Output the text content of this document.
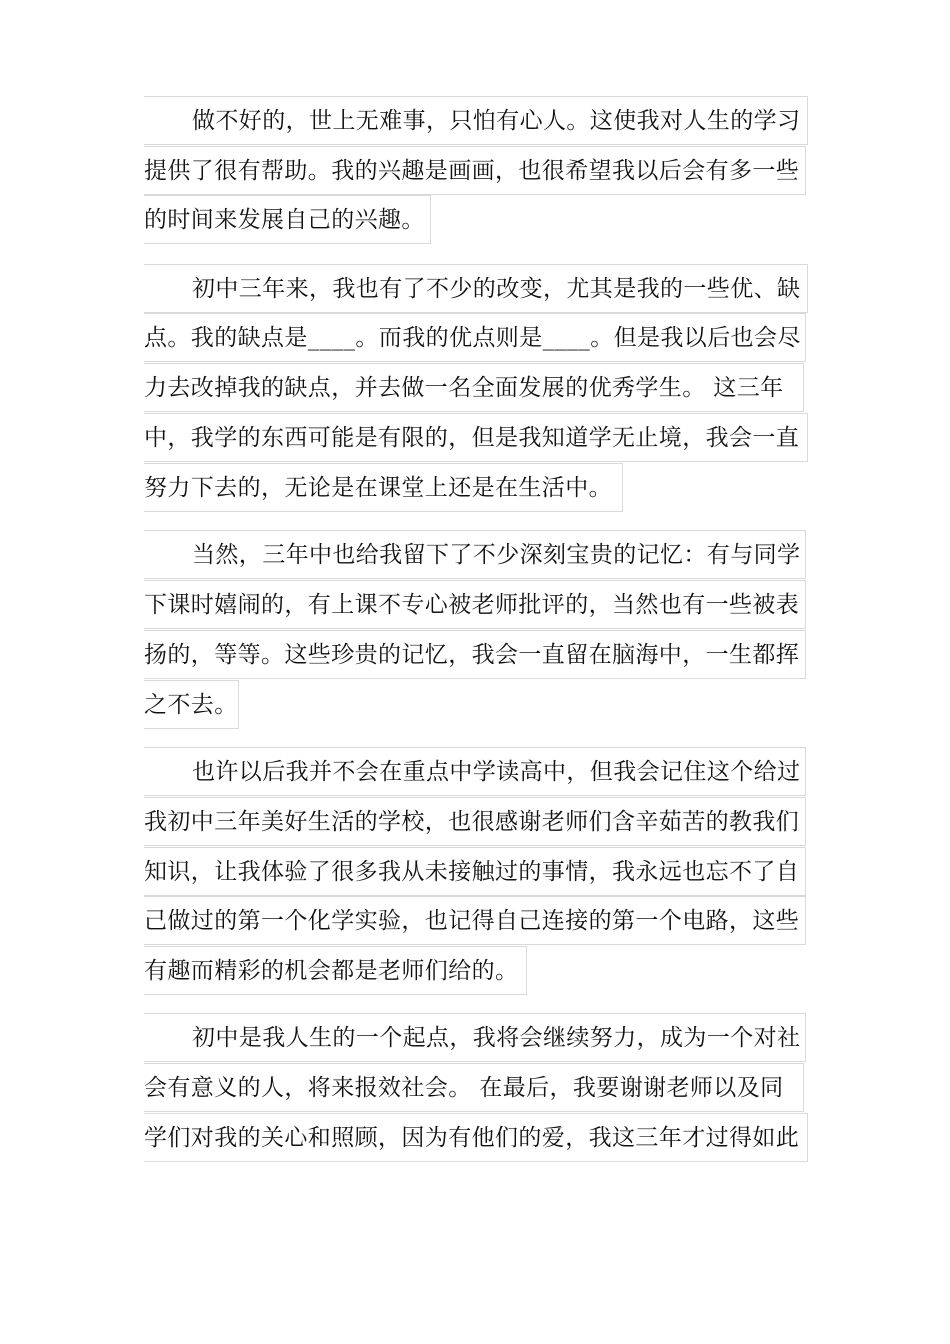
做不好的，世上无难事，只怕有心人。这使我对人生的学习
提供了很有帮助。我的兴趣是画画，也很希望我以后会有多一些
的时间来发展自己的兴趣。
初中三年来，我也有了不少的改变，尤其是我的一些优、缺
点。我的缺点是____。而我的优点则是____。但是我以后也会尽
力去改掉我的缺点，并去做一名全面发展的优秀学生。 这三年
中，我学的东西可能是有限的，但是我知道学无止境，我会一直
努力下去的，无论是在课堂上还是在生活中。
当然，三年中也给我留下了不少深刻宝贵的记忆：有与同学
下课时嬉闹的，有上课不专心被老师批评的，当然也有一些被表
扬的，等等。这些珍贵的记忆，我会一直留在脑海中，一生都挥
之不去。
也许以后我并不会在重点中学读高中，但我会记住这个给过
我初中三年美好生活的学校，也很感谢老师们含辛茹苦的教我们
知识，让我体验了很多我从未接触过的事情，我永远也忘不了自
己做过的第一个化学实验，也记得自己连接的第一个电路，这些
有趣而精彩的机会都是老师们给的。
初中是我人生的一个起点，我将会继续努力，成为一个对社
会有意义的人，将来报效社会。 在最后，我要谢谢老师以及同
学们对我的关心和照顾，因为有他们的爱，我这三年才过得如此
